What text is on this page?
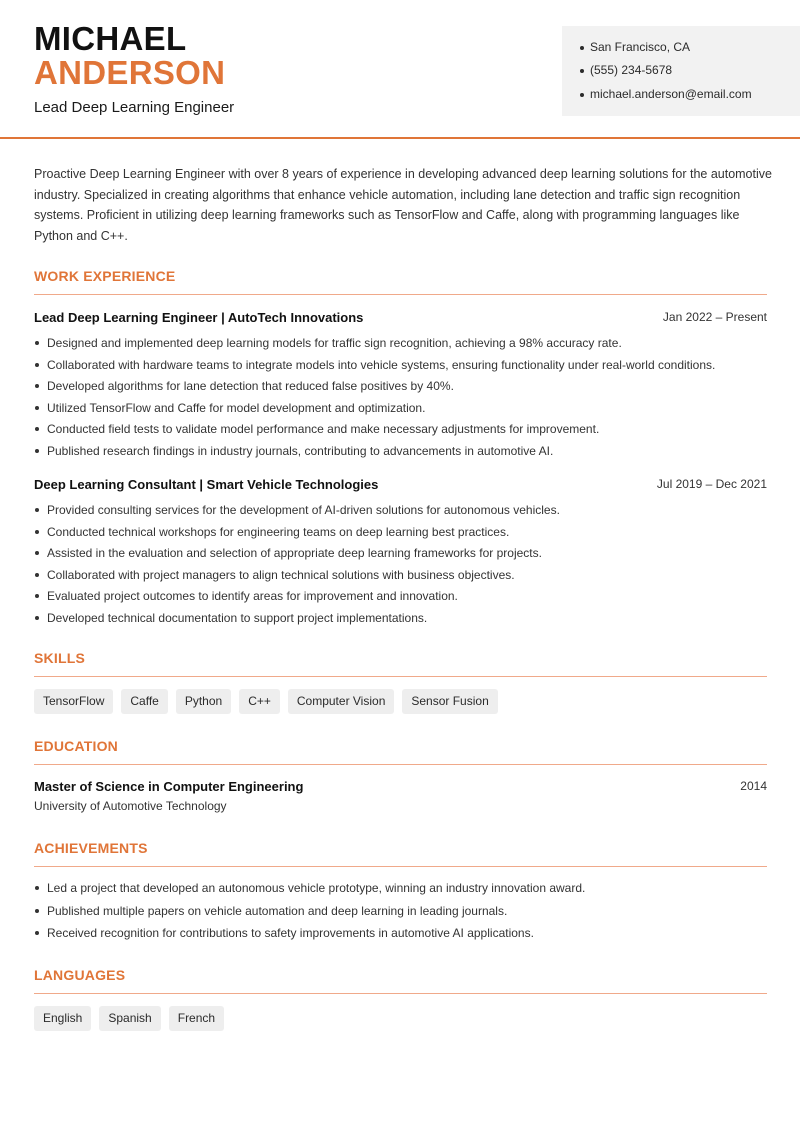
MICHAEL
ANDERSON
Lead Deep Learning Engineer
San Francisco, CA
(555) 234-5678
michael.anderson@email.com

Proactive Deep Learning Engineer with over 8 years of experience in developing advanced deep learning solutions for the automotive industry. Specialized in creating algorithms that enhance vehicle automation, including lane detection and traffic sign recognition systems. Proficient in utilizing deep learning frameworks such as TensorFlow and Caffe, along with programming languages like Python and C++.

WORK EXPERIENCE
Lead Deep Learning Engineer | AutoTech Innovations	Jan 2022 – Present
Designed and implemented deep learning models for traffic sign recognition, achieving a 98% accuracy rate.
Collaborated with hardware teams to integrate models into vehicle systems, ensuring functionality under real-world conditions.
Developed algorithms for lane detection that reduced false positives by 40%.
Utilized TensorFlow and Caffe for model development and optimization.
Conducted field tests to validate model performance and make necessary adjustments for improvement.
Published research findings in industry journals, contributing to advancements in automotive AI.
Deep Learning Consultant | Smart Vehicle Technologies	Jul 2019 – Dec 2021
Provided consulting services for the development of AI-driven solutions for autonomous vehicles.
Conducted technical workshops for engineering teams on deep learning best practices.
Assisted in the evaluation and selection of appropriate deep learning frameworks for projects.
Collaborated with project managers to align technical solutions with business objectives.
Evaluated project outcomes to identify areas for improvement and innovation.
Developed technical documentation to support project implementations.
SKILLS
TensorFlow	Caffe	Python	C++	Computer Vision	Sensor Fusion
EDUCATION
Master of Science in Computer Engineering	2014
University of Automotive Technology
ACHIEVEMENTS
Led a project that developed an autonomous vehicle prototype, winning an industry innovation award.
Published multiple papers on vehicle automation and deep learning in leading journals.
Received recognition for contributions to safety improvements in automotive AI applications.
LANGUAGES
English	Spanish	French
